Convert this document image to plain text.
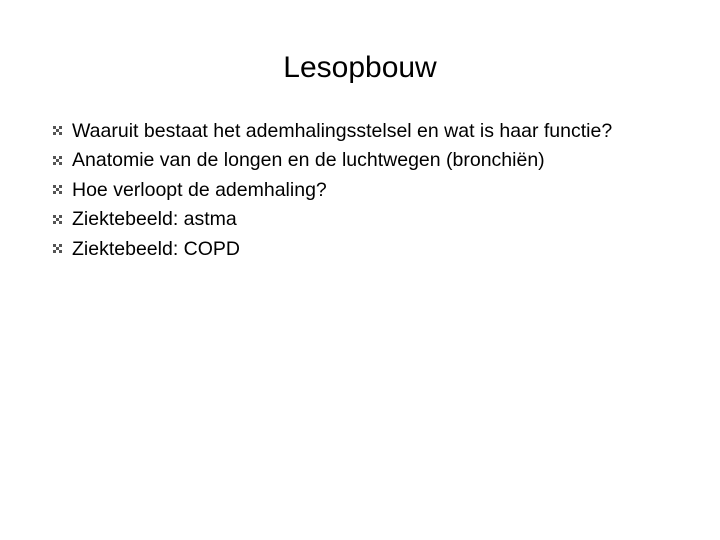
Lesopbouw
Waaruit bestaat het ademhalingsstelsel en wat is haar functie?
Anatomie van de longen en de luchtwegen (bronchiën)
Hoe verloopt de ademhaling?
Ziektebeeld: astma
Ziektebeeld: COPD
